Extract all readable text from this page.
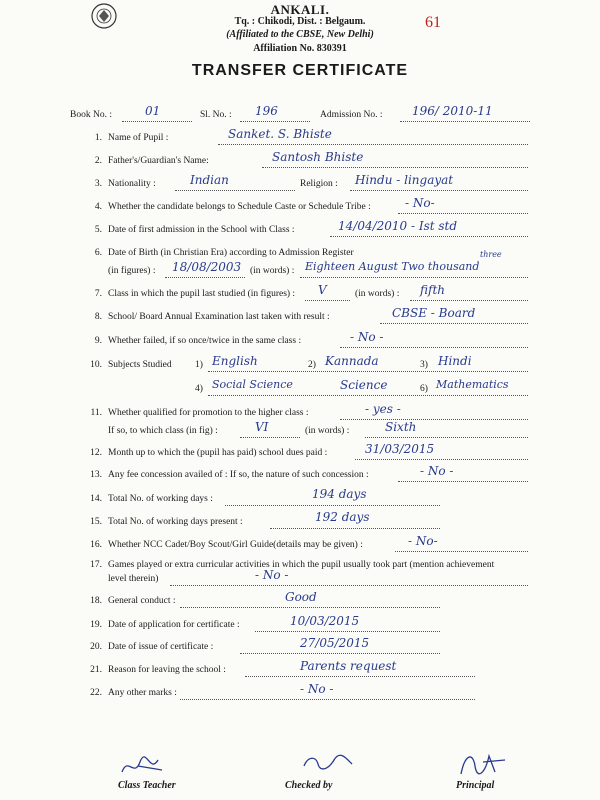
ANKALI.
Tq. : Chikodi, Dist. : Belgaum.
(Affiliated to the CBSE, New Delhi)
Affiliation No. 830391
61
TRANSFER CERTIFICATE
Book No. :	01	Sl. No. : 196	Admission No. : 196/ 2010-11
1. Name of Pupil :	Sanket. S. Bhiste
2. Father's/Guardian's Name:	Santosh Bhiste
3. Nationality :	Indian	Religion : Hindu - lingayat
4. Whether the candidate belongs to Schedule Caste or Schedule Tribe :	- No-
5. Date of first admission in the School with Class :	14/04/2010 - Ist std
6. Date of Birth (in Christian Era) according to Admission Register
(in figures) : 18/08/2003 (in words) : Eighteen August Two thousand
three
7. Class in which the pupil last studied (in figures) : V	(in words) : fifth
8. School/ Board Annual Examination last taken with result :	CBSE - Board
9. Whether failed, if so once/twice in the same class :	- No -
10. Subjects Studied 1) English	2) Kannada	3) Hindi
4) Social Science	Science	6) Mathematics
11. Whether qualified for promotion to the higher class :	- yes -
If so, to which class (in fig) :	VI	(in words) :	Sixth
12. Month up to which the (pupil has paid) school dues paid :	31/03/2015
13. Any fee concession availed of : If so, the nature of such concession :	- No -
14. Total No. of working days :	194 days
15. Total No. of working days present :	192 days
16. Whether NCC Cadet/Boy Scout/Girl Guide(details may be given) :	- No-
17. Games played or extra curricular activities in which the pupil usually took part (mention achievement
level therein)	- No -
18. General conduct :	Good
19. Date of application for certificate :	10/03/2015
20. Date of issue of certificate :	27/05/2015
21. Reason for leaving the school :	Parents request
22. Any other marks :	- No -
Class Teacher	Checked by	Principal
